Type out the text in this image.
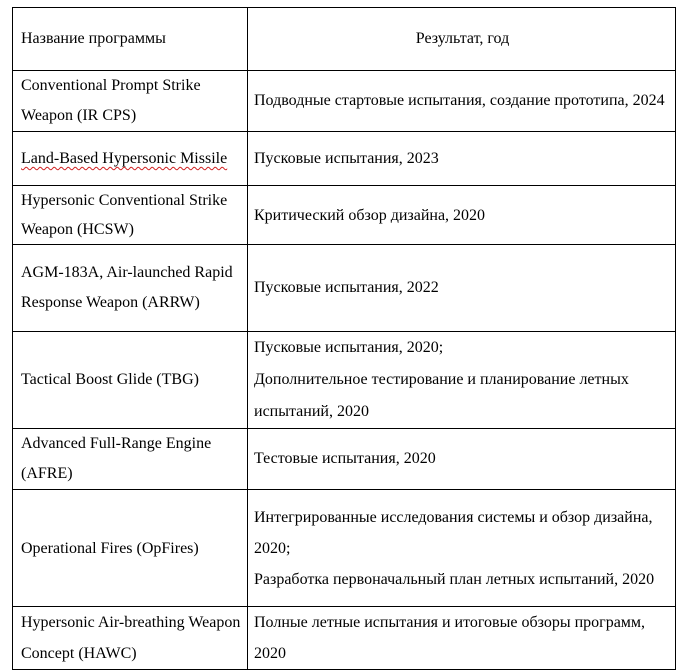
Название программы	Результат, год
Conventional Prompt Strike Weapon (IR CPS)	Подводные стартовые испытания, создание прототипа, 2024
Land-Based Hypersonic Missile	Пусковые испытания, 2023
Hypersonic Conventional Strike Weapon (HCSW)	Критический обзор дизайна, 2020
AGM-183A, Air-launched Rapid Response Weapon (ARRW)	Пусковые испытания, 2022
Tactical Boost Glide (TBG)	Пусковые испытания, 2020;
Дополнительное тестирование и планирование летных испытаний, 2020

Advanced Full-Range Engine (AFRE)	Тестовые испытания, 2020
Operational Fires (OpFires)	Интегрированные исследования системы и обзор дизайна, 2020;
Разработка первоначальный план летных испытаний, 2020

Hypersonic Air-breathing Weapon Concept (HAWC)	Полные летные испытания и итоговые обзоры программ, 2020
